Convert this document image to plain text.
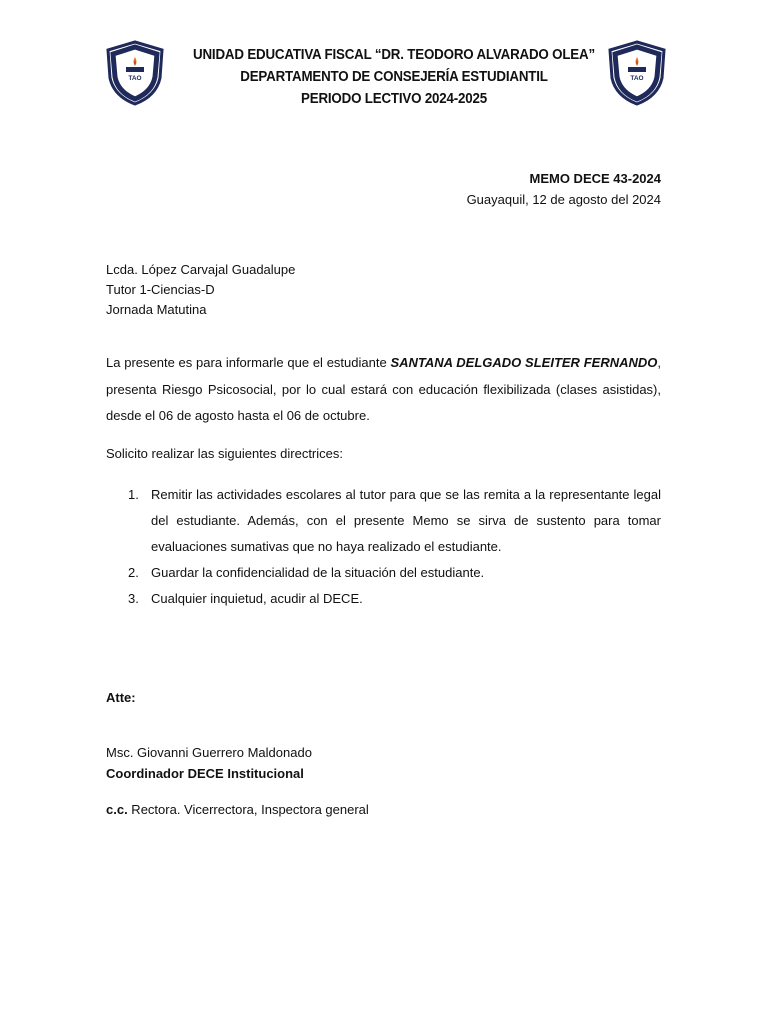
TAO	TAO
UNIDAD EDUCATIVA FISCAL “DR. TEODORO ALVARADO OLEA”
DEPARTAMENTO DE CONSEJERÍA ESTUDIANTIL
PERIODO LECTIVO 2024-2025
MEMO DECE 43-2024
Guayaquil, 12 de agosto del 2024
Lcda. López Carvajal Guadalupe
Tutor 1-Ciencias-D
Jornada Matutina
La presente es para informarle que el estudiante SANTANA DELGADO SLEITER FERNANDO, presenta Riesgo Psicosocial, por lo cual estará con educación flexibilizada (clases asistidas), desde el 06 de agosto hasta el 06 de octubre.
Solicito realizar las siguientes directrices:
1. Remitir las actividades escolares al tutor para que se las remita a la representante legal del estudiante. Además, con el presente Memo se sirva de sustento para tomar evaluaciones sumativas que no haya realizado el estudiante.
2. Guardar la confidencialidad de la situación del estudiante.
3. Cualquier inquietud, acudir al DECE.
Atte:
Msc. Giovanni Guerrero Maldonado
Coordinador DECE Institucional
c.c. Rectora. Vicerrectora, Inspectora general
